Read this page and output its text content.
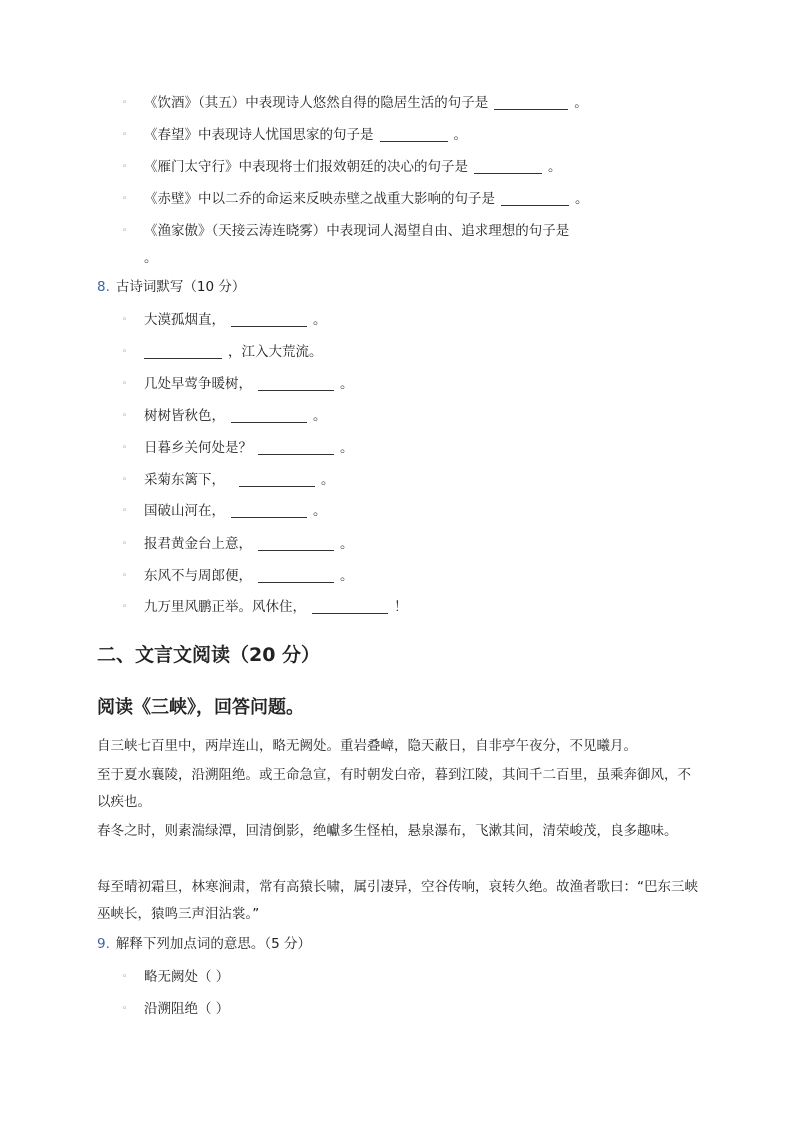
◦ 《饮酒》（其五）中表现诗人悠然自得的隐居生活的句子是	。
◦ 《春望》中表现诗人忧国思家的句子是	。
◦ 《雁门太守行》中表现将士们报效朝廷的决心的句子是	。
◦ 《赤壁》中以二乔的命运来反映赤壁之战重大影响的句子是	。
◦ 《渔家傲》（天接云涛连晓雾）中表现词人渴望自由、追求理想的句子是
。
8. 古诗词默写（10 分）
◦ 大漠孤烟直，	。
◦	，江入大荒流。
◦ 几处早莺争暖树，	。
◦ 树树皆秋色，	。
◦ 日暮乡关何处是？	。
◦ 采菊东篱下，	。
◦ 国破山河在，	。
◦ 报君黄金台上意，	。
◦ 东风不与周郎便，	。
◦ 九万里风鹏正举。风休住，	！
二、文言文阅读（20 分）
阅读《三峡》，回答问题。
自三峡七百里中，两岸连山，略无阙处。重岩叠嶂，隐天蔽日，自非亭午夜分，不见曦月。
至于夏水襄陵，沿溯阻绝。或王命急宣，有时朝发白帝，暮到江陵，其间千二百里，虽乘奔御风，不以疾也。
春冬之时，则素湍绿潭，回清倒影，绝巘多生怪柏，悬泉瀑布，飞漱其间，清荣峻茂，良多趣味。
每至晴初霜旦，林寒涧肃，常有高猿长啸，属引凄异，空谷传响，哀转久绝。故渔者歌曰：“巴东三峡巫峡长，猿鸣三声泪沾裳。”
9. 解释下列加点词的意思。（5 分）
◦ 略无阙处（ ）
◦ 沿溯阻绝（ ）
